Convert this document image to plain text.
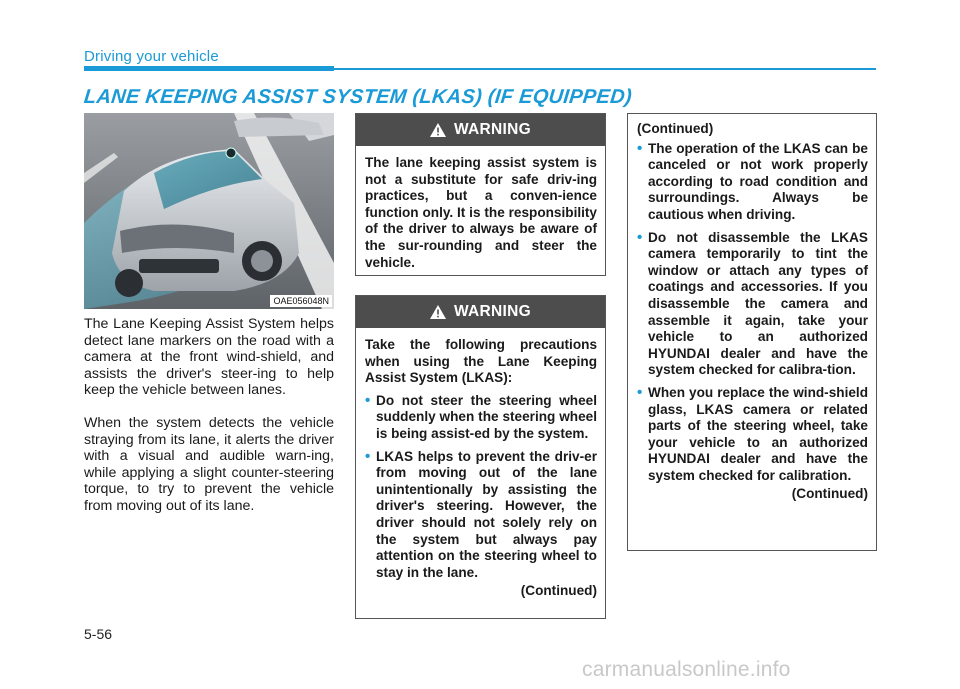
Driving your vehicle
LANE KEEPING ASSIST SYSTEM (LKAS) (IF EQUIPPED)
OAE056048N

The Lane Keeping Assist System helps detect lane markers on the road with a camera at the front wind-shield, and assists the driver's steer-ing to help keep the vehicle between lanes.

When the system detects the vehicle straying from its lane, it alerts the driver with a visual and audible warn-ing, while applying a slight counter-steering torque, to try to prevent the vehicle from moving out of its lane.

WARNING

The lane keeping assist system is not a substitute for safe driv-ing practices, but a conven-ience function only. It is the responsibility of the driver to always be aware of the sur-rounding and steer the vehicle.

WARNING

Take the following precautions when using the Lane Keeping Assist System (LKAS):

• Do not steer the steering wheel suddenly when the steering wheel is being assist-ed by the system.
• LKAS helps to prevent the driv-er from moving out of the lane unintentionally by assisting the driver's steering. However, the driver should not solely rely on the system but always pay attention on the steering wheel to stay in the lane.

(Continued)

(Continued)

• The operation of the LKAS can be canceled or not work properly according to road condition and surroundings. Always be cautious when driving.
• Do not disassemble the LKAS camera temporarily to tint the window or attach any types of coatings and accessories. If you disassemble the camera and assemble it again, take your vehicle to an authorized HYUNDAI dealer and have the system checked for calibra-tion.
• When you replace the wind-shield glass, LKAS camera or related parts of the steering wheel, take your vehicle to an authorized HYUNDAI dealer and have the system checked for calibration.

(Continued)

5-56
carmanualsonline.info
